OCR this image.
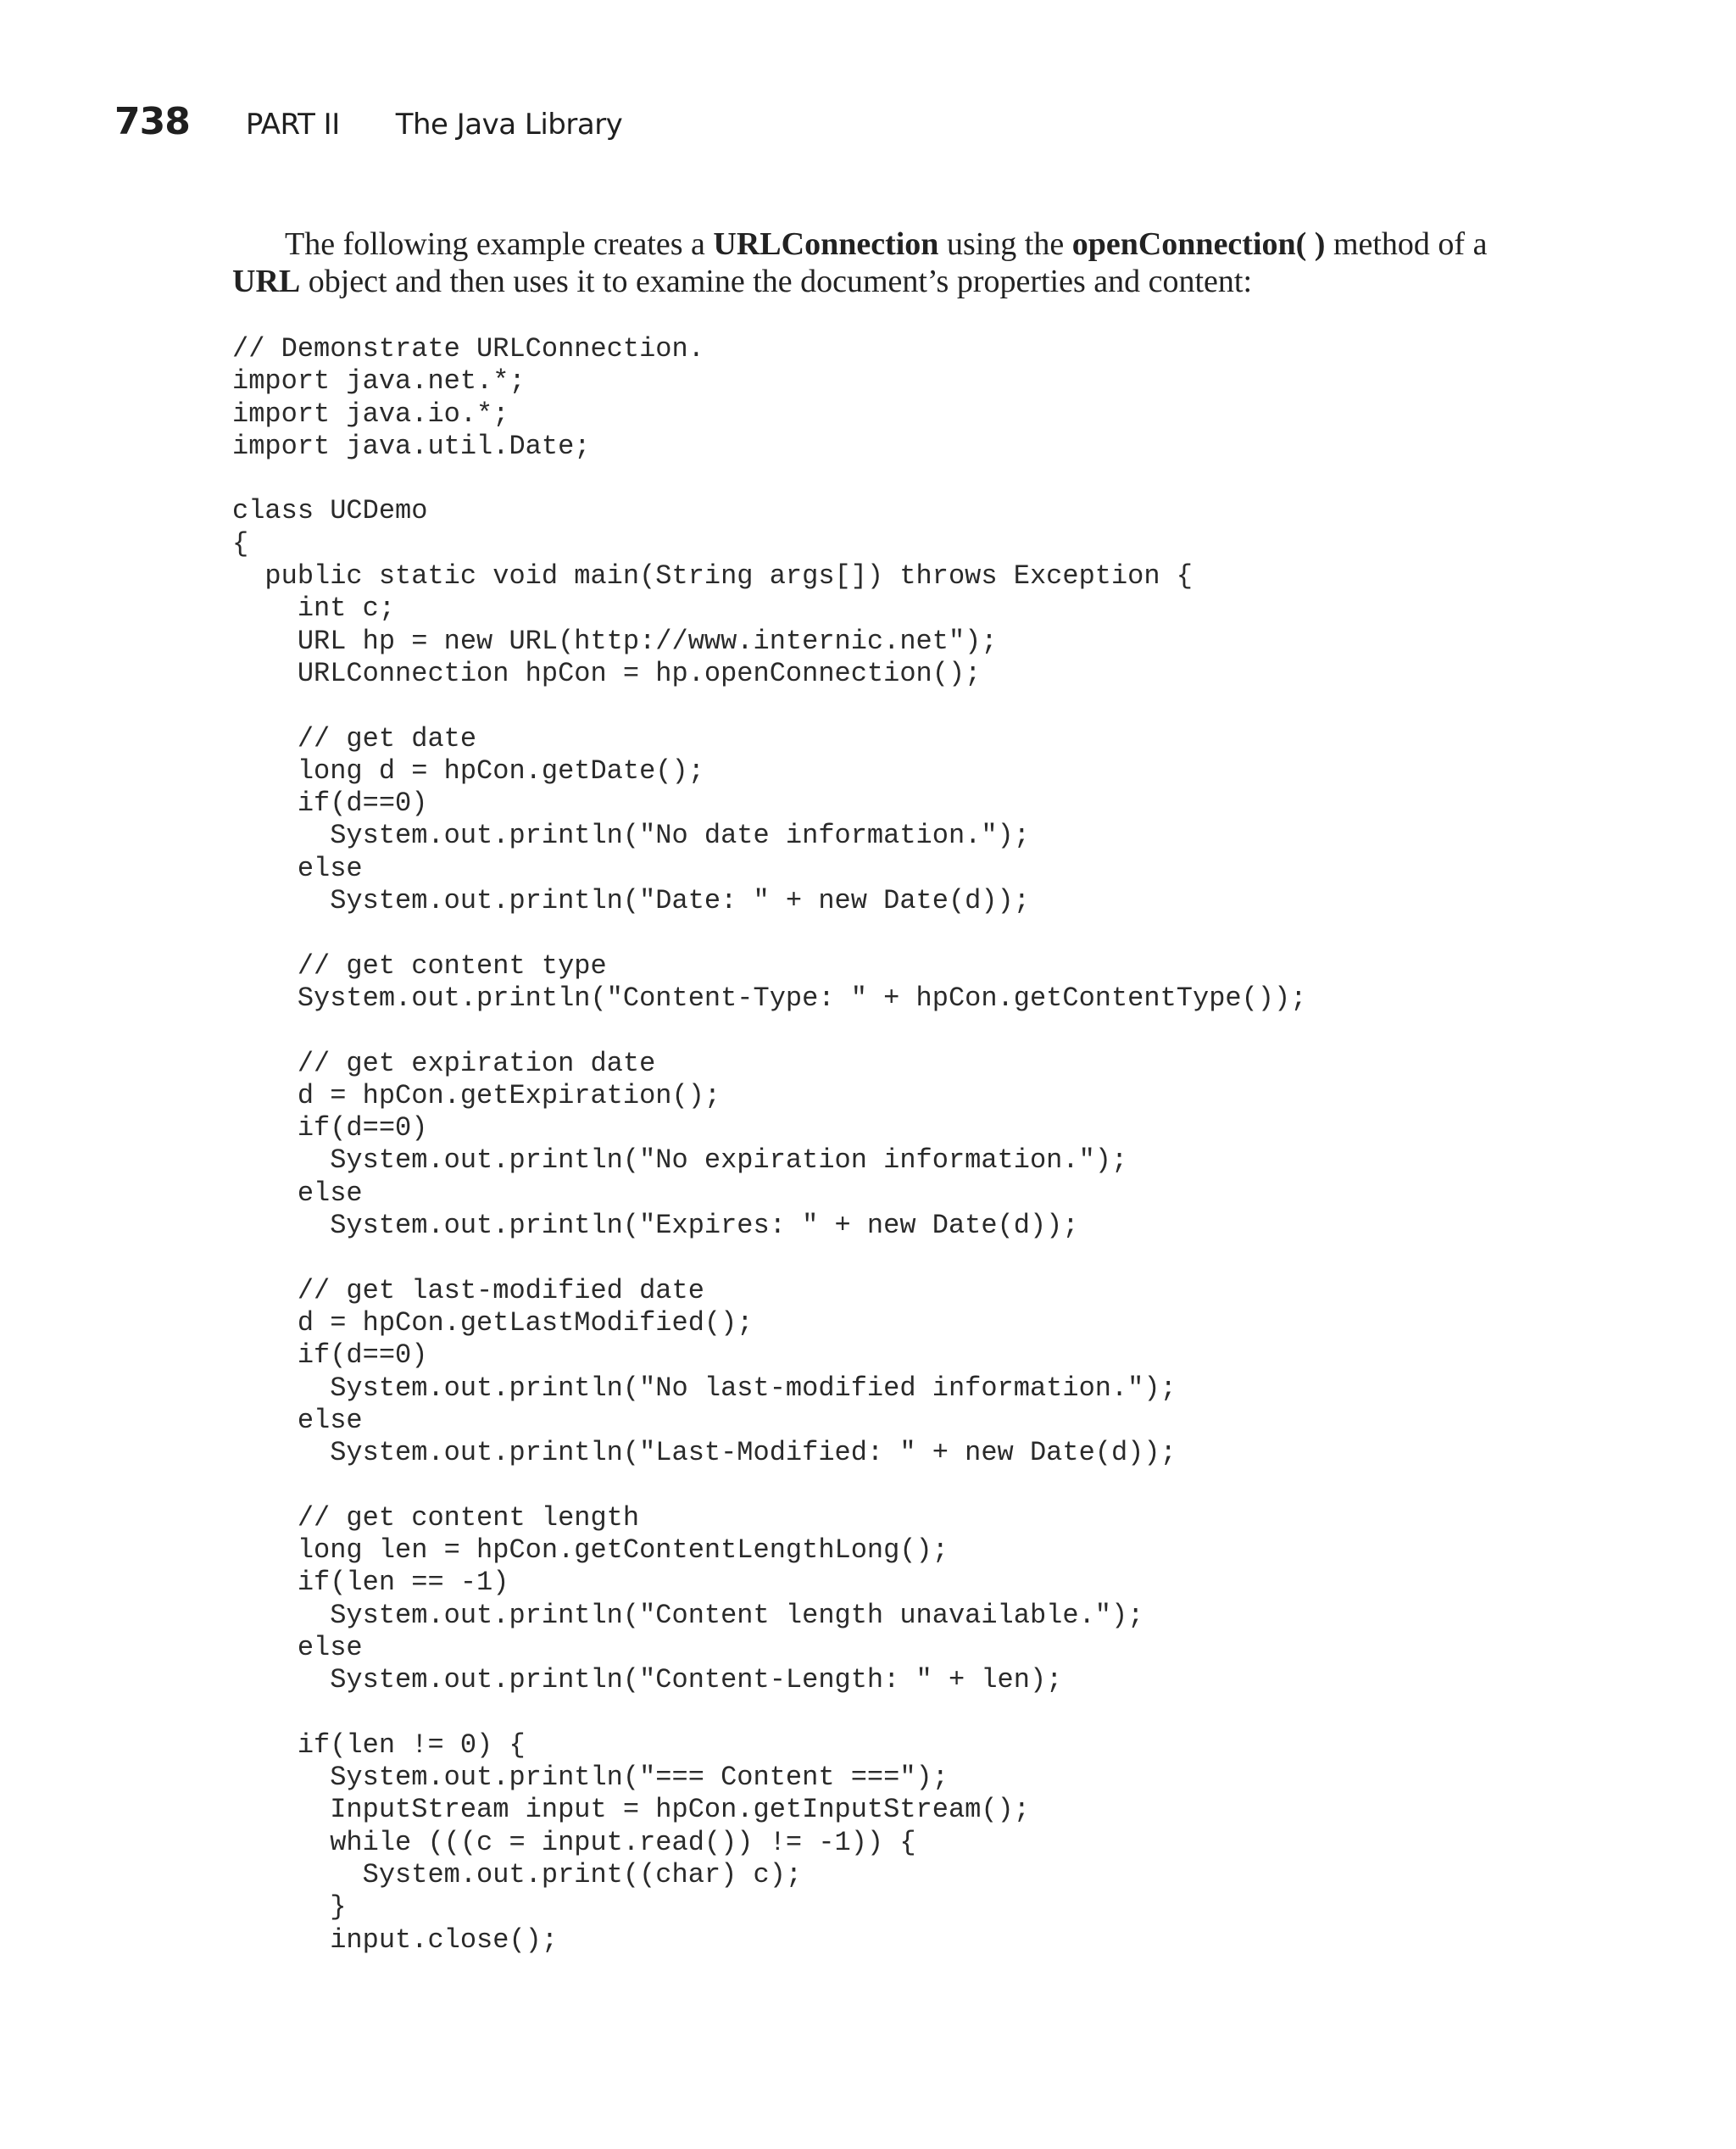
738 PART II The Java Library

The following example creates a URLConnection using the openConnection( ) method of a URL object and then uses it to examine the document’s properties and content:

// Demonstrate URLConnection.
import java.net.*;
import java.io.*;
import java.util.Date;
class UCDemo
{
public static void main(String args[]) throws Exception {
int c;
URL hp = new URL(http://www.internic.net");
URLConnection hpCon = hp.openConnection();
// get date
long d = hpCon.getDate();
if(d==0)
System.out.println("No date information.");
else
System.out.println("Date: " + new Date(d));
// get content type
System.out.println("Content-Type: " + hpCon.getContentType());
// get expiration date
d = hpCon.getExpiration();
if(d==0)
System.out.println("No expiration information.");
else
System.out.println("Expires: " + new Date(d));
// get last-modified date
d = hpCon.getLastModified();
if(d==0)
System.out.println("No last-modified information.");
else
System.out.println("Last-Modified: " + new Date(d));
// get content length
long len = hpCon.getContentLengthLong();
if(len == -1)
System.out.println("Content length unavailable.");
else
System.out.println("Content-Length: " + len);
if(len != 0) {
System.out.println("=== Content ===");
InputStream input = hpCon.getInputStream();
while (((c = input.read()) != -1)) {
System.out.print((char) c);
}
input.close();
